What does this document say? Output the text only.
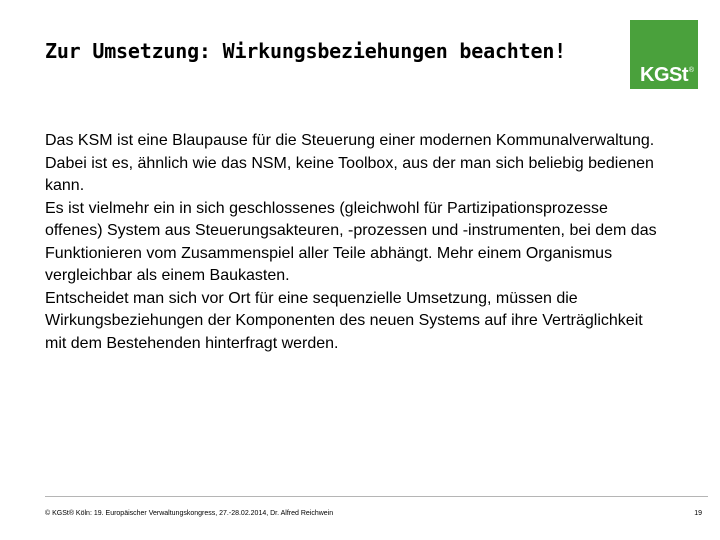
Zur Umsetzung: Wirkungsbeziehungen beachten!
KGSt ®

Das KSM ist eine Blaupause für die Steuerung einer modernen Kommunalverwaltung.

Dabei ist es, ähnlich wie das NSM, keine Toolbox, aus der man sich beliebig bedienen kann.

Es ist vielmehr ein in sich geschlossenes (gleichwohl für Partizipationsprozesse offenes) System aus Steuerungsakteuren, -prozessen und -instrumenten, bei dem das Funktionieren vom Zusammenspiel aller Teile abhängt. Mehr einem Organismus vergleichbar als einem Baukasten.

Entscheidet man sich vor Ort für eine sequenzielle Umsetzung, müssen die Wirkungsbeziehungen der Komponenten des neuen Systems auf ihre Verträglichkeit mit dem Bestehenden hinterfragt werden.

© KGSt® Köln: 19. Europäischer Verwaltungskongress, 27.-28.02.2014, Dr. Alfred Reichwein	19
